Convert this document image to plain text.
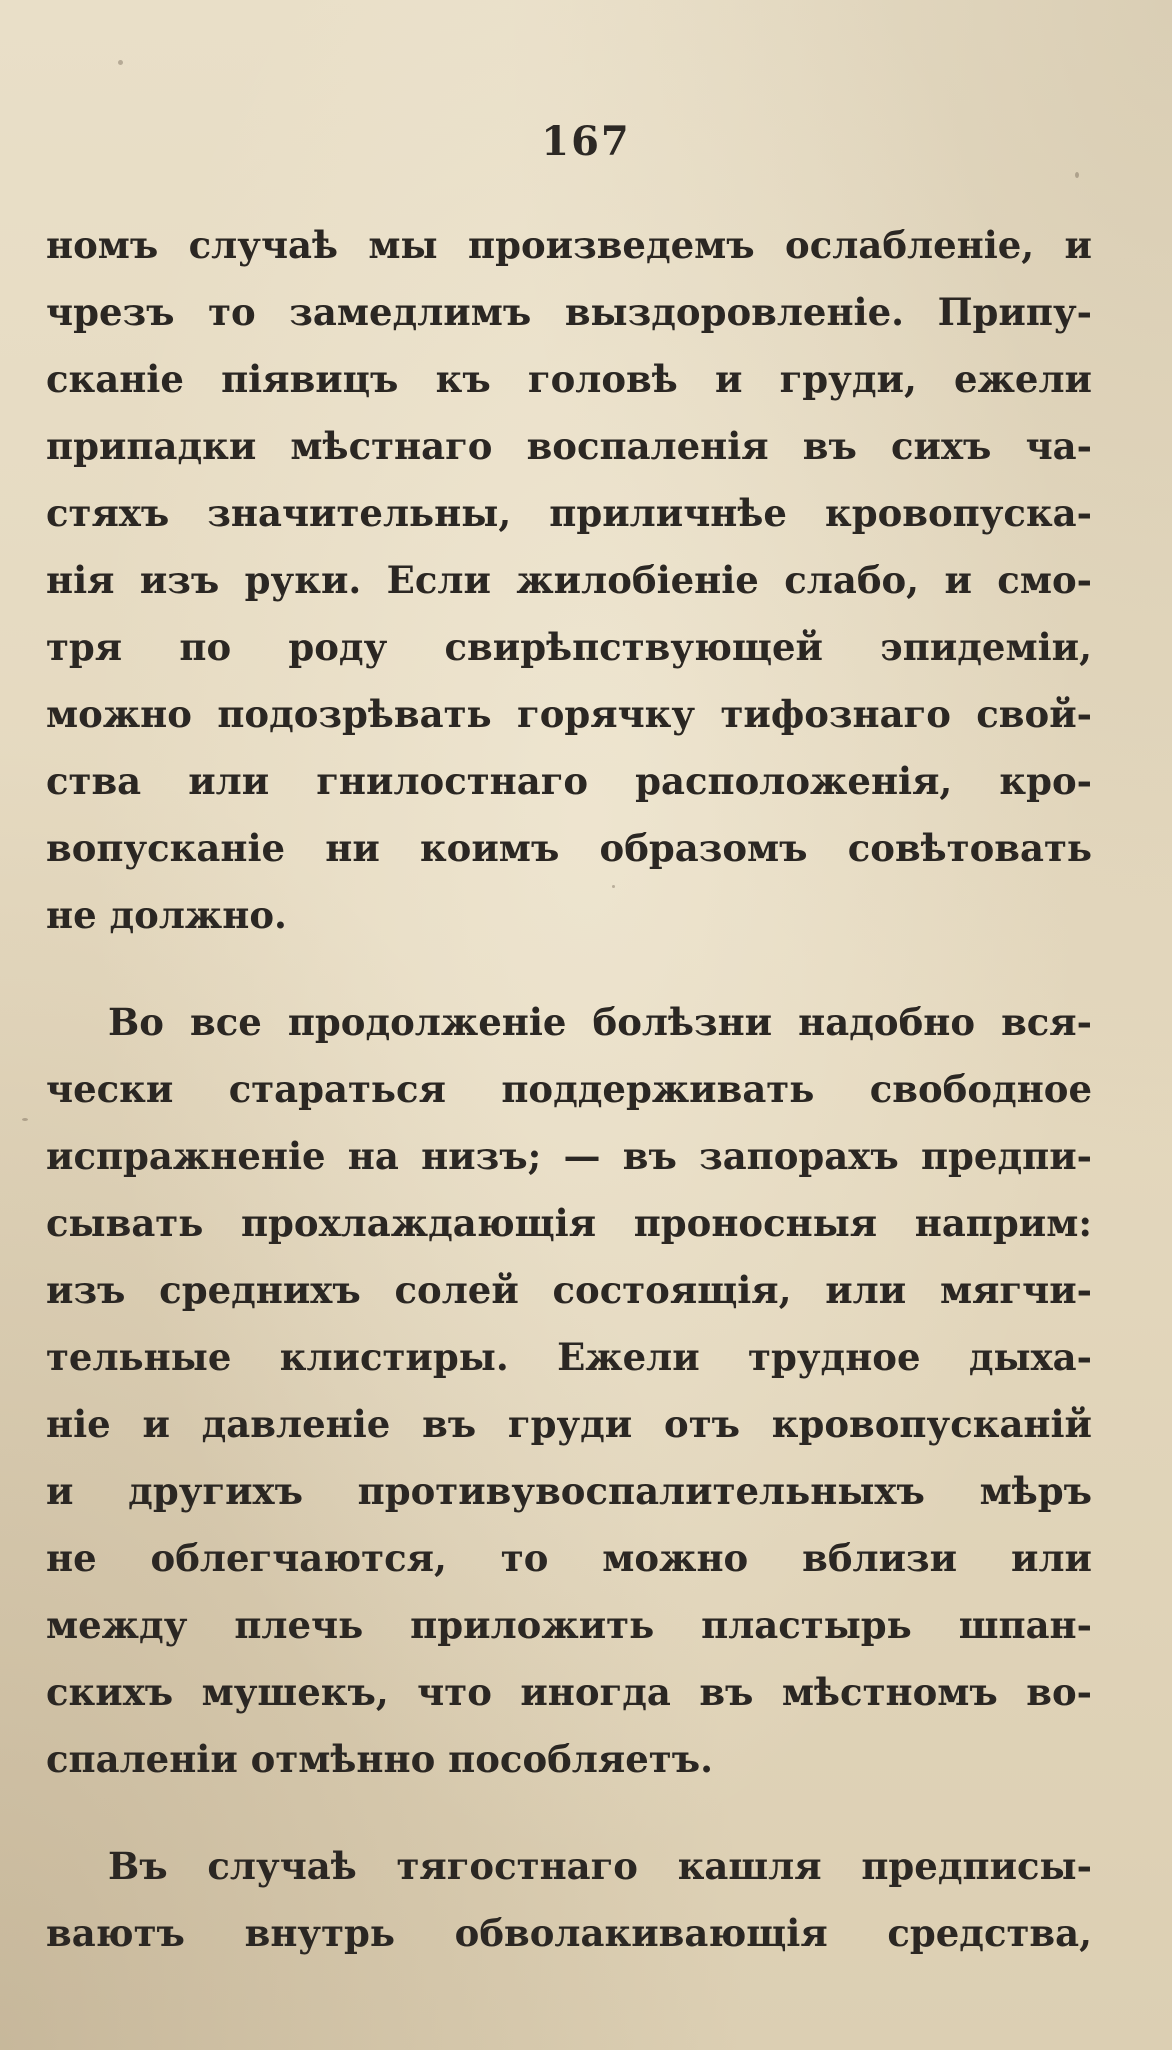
167
номъ случаѣ мы произведемъ ослабленіе, и
чрезъ то замедлимъ выздоровленіе. Припу-
сканіе піявицъ къ головѣ и груди, ежели
припадки мѣстнаго воспаленія въ сихъ ча-
стяхъ значительны, приличнѣе кровопуска-
нія изъ руки. Если жилобіеніе слабо, и смо-
тря по роду свирѣпствующей эпидеміи,
можно подозрѣвать горячку тифознаго свой-
ства или гнилостнаго расположенія, кро-
вопусканіе ни коимъ образомъ совѣтовать
не должно.
Во все продолженіе болѣзни надобно вся-
чески стараться поддерживать свободное
испражненіе на низъ; — въ запорахъ предпи-
сывать прохлаждающія проносныя наприм:
изъ среднихъ солей состоящія, или мягчи-
тельные клистиры. Ежели трудное дыха-
ніе и давленіе въ груди отъ кровопусканій
и другихъ противувоспалительныхъ мѣръ
не облегчаются, то можно вблизи или
между плечь приложить пластырь шпан-
скихъ мушекъ, что иногда въ мѣстномъ во-
спаленіи отмѣнно пособляетъ.
Въ случаѣ тягостнаго кашля предписы-
ваютъ внутрь обволакивающія средства,
